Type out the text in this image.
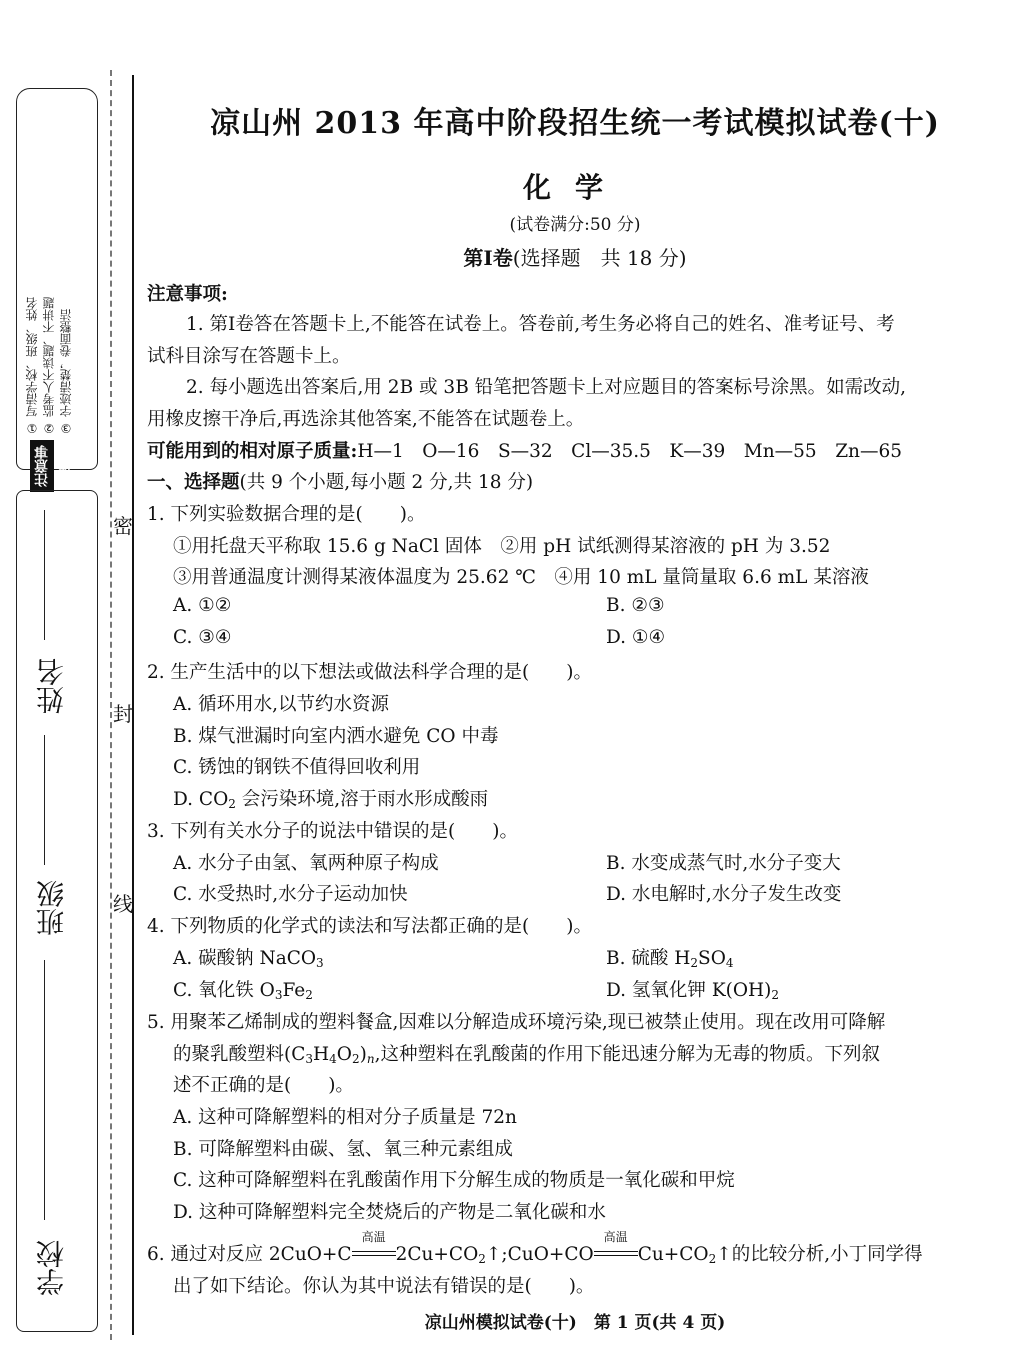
密
封
线
① 写清学校、班级、姓名 ② 监考人不读题、不讲题 ③ 字迹清楚，卷面整洁
注意事项
姓名
班级
学校
凉山州 2013 年高中阶段招生统一考试模拟试卷(十)
化学
(试卷满分:50 分)
第Ⅰ卷(选择题　共 18 分)
注意事项:
1. 第Ⅰ卷答在答题卡上,不能答在试卷上。答卷前,考生务必将自己的姓名、准考证号、考
试科目涂写在答题卡上。
2. 每小题选出答案后,用 2B 或 3B 铅笔把答题卡上对应题目的答案标号涂黑。如需改动,
用橡皮擦干净后,再选涂其他答案,不能答在试题卷上。
可能用到的相对原子质量:H—1　O—16　S—32　Cl—35.5　K—39　Mn—55　Zn—65
一、选择题(共 9 个小题,每小题 2 分,共 18 分)
1. 下列实验数据合理的是(　　)。
①用托盘天平称取 15.6 g NaCl 固体　②用 pH 试纸测得某溶液的 pH 为 3.52
③用普通温度计测得某液体温度为 25.62 ℃　④用 10 mL 量筒量取 6.6 mL 某溶液
A. ①②	B. ②③
C. ③④	D. ①④
2. 生产生活中的以下想法或做法科学合理的是(　　)。
A. 循环用水,以节约水资源
B. 煤气泄漏时向室内洒水避免 CO 中毒
C. 锈蚀的钢铁不值得回收利用
D. $CO_2$ 会污染环境,溶于雨水形成酸雨
3. 下列有关水分子的说法中错误的是(　　)。
A. 水分子由氢、氧两种原子构成	B. 水变成蒸气时,水分子变大
C. 水受热时,水分子运动加快	D. 水电解时,水分子发生改变
4. 下列物质的化学式的读法和写法都正确的是(　　)。
A. 碳酸钠 NaCO$_3$	B. 硫酸 $H_2SO_4$
C. 氧化铁 $O_3Fe_2$	D. 氢氧化钾 $K(OH)_2$
5. 用聚苯乙烯制成的塑料餐盒,因难以分解造成环境污染,现已被禁止使用。现在改用可降解
的聚乳酸塑料$(C_3H_4O_2)_n$,这种塑料在乳酸菌的作用下能迅速分解为无毒的物质。下列叙
述不正确的是(　　)。
A. 这种可降解塑料的相对分子质量是 72n
B. 可降解塑料由碳、氢、氧三种元素组成
C. 这种可降解塑料在乳酸菌作用下分解生成的物质是一氧化碳和甲烷
D. 这种可降解塑料完全焚烧后的产物是二氧化碳和水
6. 通过对反应 2CuO+C
高温
$2Cu+CO_2↑;CuO+CO$
高温
$Cu+CO_2↑$的比较分析,小丁同学得
出了如下结论。你认为其中说法有错误的是(　　)。
凉山州模拟试卷(十)　第 1 页(共 4 页)
